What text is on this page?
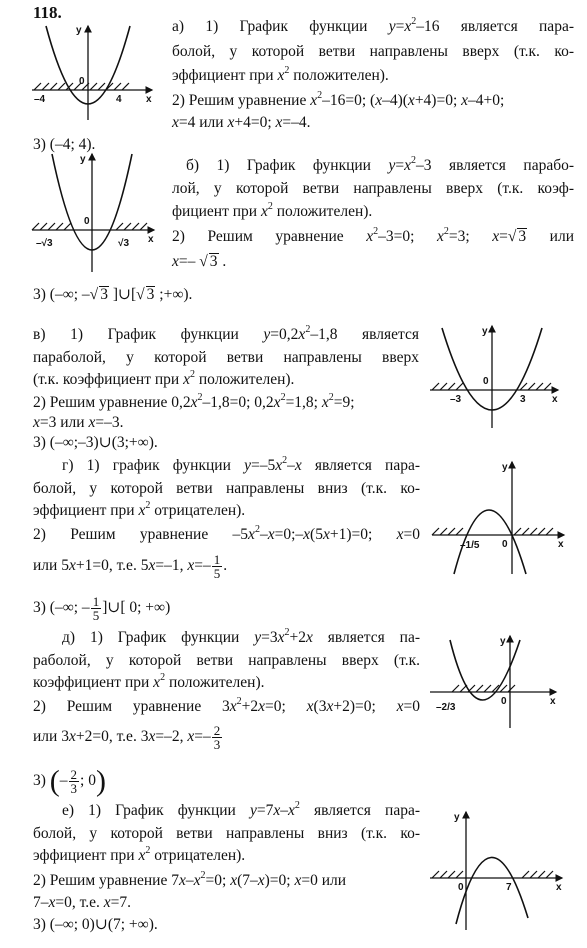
118.
y
x
0
–4	4
а) 1) График функции $y=x^2-16$ является пара-
болой, у которой ветви направлены вверх (т.к. ко-
эффициент при $x^2$ положителен).
2) Решим уравнение $x^2-16=0$; (x–4)(x+4)=0; x–4+0;
x=4 или x+4=0; x=–4.
3) (–4; 4).
y
x
0
–√3	√3
б) 1) График функции $y=x^2-3$ является парабо-
лой, у которой ветви направлены вверх (т.к. коэф-
фициент при $x^2$ положителен).
2) Решим уравнение $x^2-3=0$; $x^2=3$; x=√ 3 или
x=– √ 3 .
3) (–∞; –√ 3 ]∪[√ 3 ;+∞).
в) 1) График функции $y=0,2x^2-1,8$ является
параболой, у которой ветви направлены вверх
(т.к. коэффициент при $x^2$ положителен).
2) Решим уравнение $0,2x^2-1,8=0$; $0,2x^2=1,8$; $x^2=9$;
x=3 или x=–3.
3) (–∞;–3)∪(3;+∞).
y
x
0
–3	3
г) 1) график функции $y=-5x^2-x$ является пара-
болой, у которой ветви направлены вниз (т.к. ко-
эффициент при $x^2$ отрицателен).
2) Решим уравнение $-5x^2-x=0;-x(5x+1)=0$; x=0
или 5x+1=0, т.е. 5x=–1, $x=- \frac{1}{5}$ .
3) (–∞; – $\frac{1}{5}$ ]∪[ 0; +∞)
y
x
0
–1/5
д) 1) График функции $y=3x^2+2x$ является па-
раболой, у которой ветви направлены вверх (т.к.
коэффициент при $x^2$ положителен).
2) Решим уравнение $3x^2+2x=0$; x(3x+2)=0; x=0
или 3x+2=0, т.е. 3x=–2, $x=- \frac{2}{3}$
3) (– $\frac{2}{3}$ ; 0)
y
x
0
–2/3
е) 1) График функции $y=7x-x^2$ является пара-
болой, у которой ветви направлены вниз (т.к. ко-
эффициент при $x^2$ отрицателен).
2) Решим уравнение $7x-x^2=0$; x(7–x)=0; x=0 или
7–x=0, т.е. x=7.
3) (–∞; 0)∪(7; +∞).
y
x
0	7
